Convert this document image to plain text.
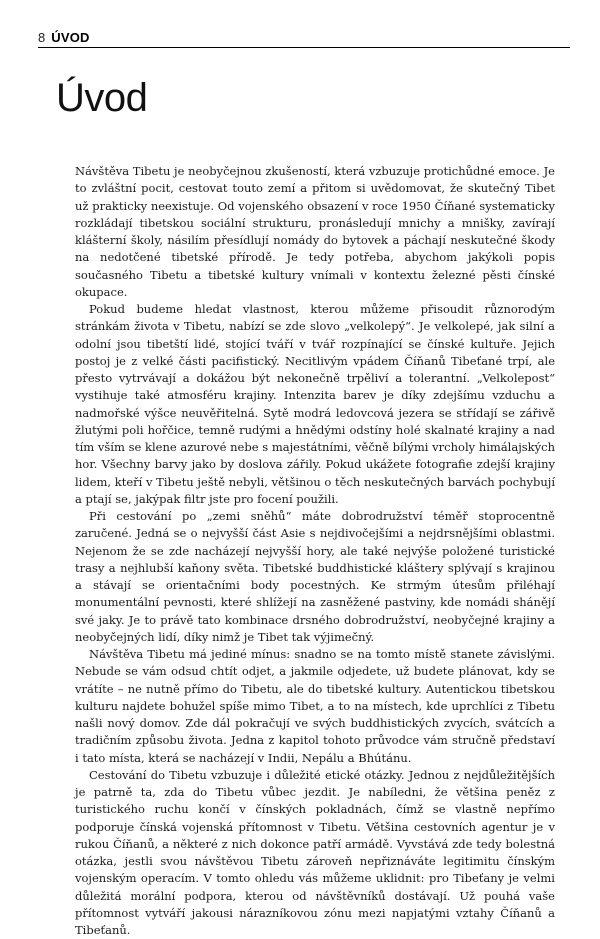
8 ÚVOD
Úvod

Návštěva Tibetu je neobyčejnou zkušeností, která vzbuzuje protichůdné emoce. Je to zvláštní pocit, cestovat touto zemí a přitom si uvědomovat, že skutečný Tibet už prakticky neexistuje. Od vojenského obsazení v roce 1950 Číňané systematicky rozkládají tibetskou sociální strukturu, pronásledují mnichy a mnišky, zavírají klášterní školy, násilím přesídlují nomády do bytovek a páchají neskutečné škody na nedotčené tibetské přírodě. Je tedy potřeba, abychom jakýkoli popis současného Tibetu a tibetské kultury vnímali v kontextu železné pěsti čínské okupace.

Pokud budeme hledat vlastnost, kterou můžeme přisoudit různorodým stránkám života v Tibetu, nabízí se zde slovo „velkolepý“. Je velkolepé, jak silní a odolní jsou tibetští lidé, stojící tváří v tvář rozpínající se čínské kultuře. Jejich postoj je z velké části pacifistický. Necitlivým vpádem Číňanů Tibeťané trpí, ale přesto vytrvávají a dokážou být nekonečně trpěliví a tolerantní. „Velkolepost“ vystihuje také atmosféru krajiny. Intenzita barev je díky zdejšímu vzduchu a nadmořské výšce neuvěřitelná. Sytě modrá ledovcová jezera se střídají se zářivě žlutými poli hořčice, temně rudými a hnědými odstíny holé skalnaté krajiny a nad tím vším se klene azurové nebe s majestátními, věčně bílými vrcholy himálajských hor. Všechny barvy jako by doslova zářily. Pokud ukážete fotografie zdejší krajiny lidem, kteří v Tibetu ještě nebyli, většinou o těch neskutečných barvách pochybují a ptají se, jakýpak filtr jste pro focení použili.

Při cestování po „zemi sněhů“ máte dobrodružství téměř stoprocentně zaručené. Jedná se o nejvyšší část Asie s nejdivočejšími a nejdrsnějšími oblastmi. Nejenom že se zde nacházejí nejvyšší hory, ale také nejvýše položené turistické trasy a nejhlubší kaňony světa. Tibetské buddhistické kláštery splývají s krajinou a stávají se orientačními body pocestných. Ke strmým útesům přiléhají monumentální pevnosti, které shlížejí na zasněžené pastviny, kde nomádi shánějí své jaky. Je to právě tato kombinace drsného dobrodružství, neobyčejné krajiny a neobyčejných lidí, díky nimž je Tibet tak výjimečný.

Návštěva Tibetu má jediné mínus: snadno se na tomto místě stanete závislými. Nebude se vám odsud chtít odjet, a jakmile odjedete, už budete plánovat, kdy se vrátíte – ne nutně přímo do Tibetu, ale do tibetské kultury. Autentickou tibetskou kulturu najdete bohužel spíše mimo Tibet, a to na místech, kde uprchlíci z Tibetu našli nový domov. Zde dál pokračují ve svých buddhistických zvycích, svátcích a tradičním způsobu života. Jedna z kapitol tohoto průvodce vám stručně představí i tato místa, která se nacházejí v Indii, Nepálu a Bhútánu.

Cestování do Tibetu vzbuzuje i důležité etické otázky. Jednou z nejdůležitějších je patrně ta, zda do Tibetu vůbec jezdit. Je nabíledni, že většina peněz z turistického ruchu končí v čínských pokladnách, čímž se vlastně nepřímo podporuje čínská vojenská přítomnost v Tibetu. Většina cestovních agentur je v rukou Číňanů, a některé z nich dokonce patří armádě. Vyvstává zde tedy bolestná otázka, jestli svou návštěvou Tibetu zároveň nepřiznáváte legitimitu čínským vojenským operacím. V tomto ohledu vás můžeme uklidnit: pro Tibeťany je velmi důležitá morální podpora, kterou od návštěvníků dostávají. Už pouhá vaše přítomnost vytváří jakousi nárazníkovou zónu mezi napjatými vztahy Číňanů a Tibeťanů.
